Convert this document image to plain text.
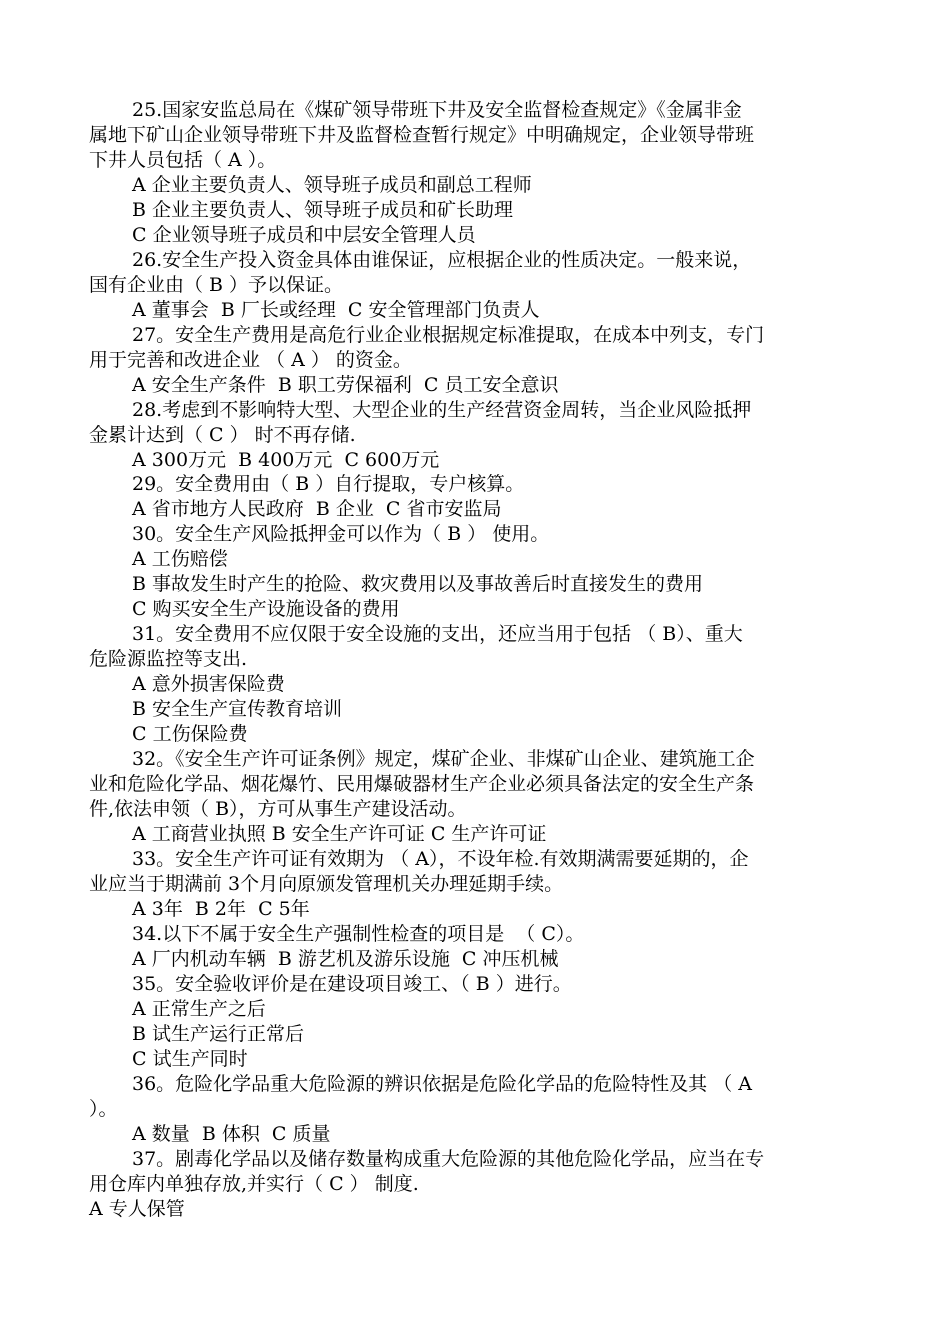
25.国家安监总局在《煤矿领导带班下井及安全监督检查规定》《金属非金
属地下矿山企业领导带班下井及监督检查暂行规定》中明确规定，企业领导带班
下井人员包括（ A ）。
A 企业主要负责人、领导班子成员和副总工程师
B 企业主要负责人、领导班子成员和矿长助理
C 企业领导班子成员和中层安全管理人员
26.安全生产投入资金具体由谁保证，应根据企业的性质决定。一般来说，
国有企业由（ B ）予以保证。
A 董事会  B 厂长或经理  C 安全管理部门负责人
27。安全生产费用是高危行业企业根据规定标准提取，在成本中列支，专门
用于完善和改进企业 （ A ） 的资金。
A 安全生产条件  B 职工劳保福利  C 员工安全意识
28.考虑到不影响特大型、大型企业的生产经营资金周转，当企业风险抵押
金累计达到（ C ） 时不再存储.
A 300万元  B 400万元  C 600万元
29。安全费用由（ B ）自行提取，专户核算。
A 省市地方人民政府  B 企业  C 省市安监局
30。安全生产风险抵押金可以作为（ B ） 使用。
A 工伤赔偿
B 事故发生时产生的抢险、救灾费用以及事故善后时直接发生的费用
C 购买安全生产设施设备的费用
31。安全费用不应仅限于安全设施的支出，还应当用于包括 （ B）、重大
危险源监控等支出.
A 意外损害保险费
B 安全生产宣传教育培训
C 工伤保险费
32。《安全生产许可证条例》规定，煤矿企业、非煤矿山企业、建筑施工企
业和危险化学品、烟花爆竹、民用爆破器材生产企业必须具备法定的安全生产条
件,依法申领（ B），方可从事生产建设活动。
A 工商营业执照 B 安全生产许可证 C 生产许可证
33。安全生产许可证有效期为 （ A），不设年检.有效期满需要延期的，企
业应当于期满前 3个月向原颁发管理机关办理延期手续。
A 3年  B 2年  C 5年
34.以下不属于安全生产强制性检查的项目是  （ C）。
A 厂内机动车辆  B 游艺机及游乐设施  C 冲压机械
35。安全验收评价是在建设项目竣工、（ B ）进行。
A 正常生产之后
B 试生产运行正常后
C 试生产同时
36。危险化学品重大危险源的辨识依据是危险化学品的危险特性及其 （ A
）。
A 数量  B 体积  C 质量
37。剧毒化学品以及储存数量构成重大危险源的其他危险化学品，应当在专
用仓库内单独存放,并实行（ C ） 制度.
A 专人保管
